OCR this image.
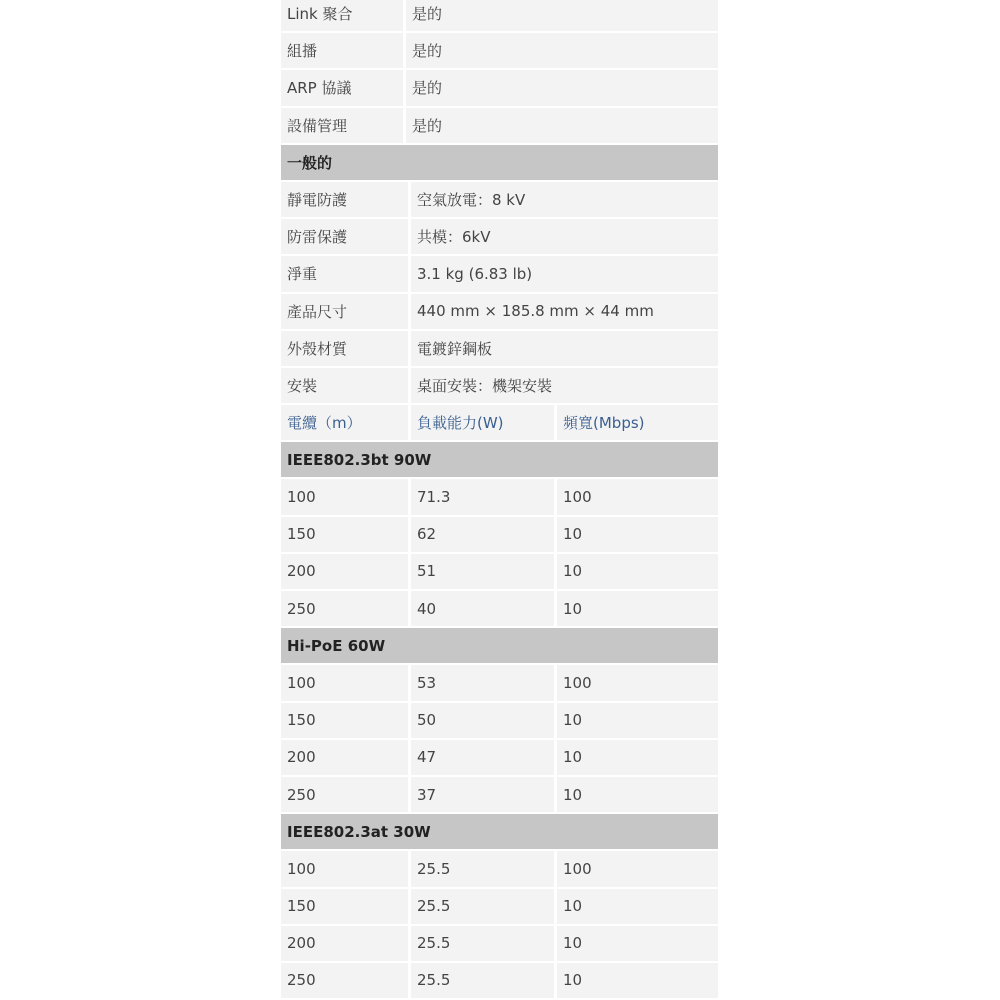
Link 聚合	是的
組播	是的
ARP 協議	是的
設備管理	是的
一般的
靜電防護	空氣放電：8 kV
防雷保護	共模：6kV
淨重	3.1 kg (6.83 lb)
產品尺寸	440 mm × 185.8 mm × 44 mm
外殼材質	電鍍鋅鋼板
安裝	桌面安裝：機架安裝
電纜（m）	負載能力(W)	頻寬(Mbps)
IEEE802.3bt 90W
100	71.3	100
150	62	10
200	51	10
250	40	10
Hi-PoE 60W
100	53	100
150	50	10
200	47	10
250	37	10
IEEE802.3at 30W
100	25.5	100
150	25.5	10
200	25.5	10
250	25.5	10
